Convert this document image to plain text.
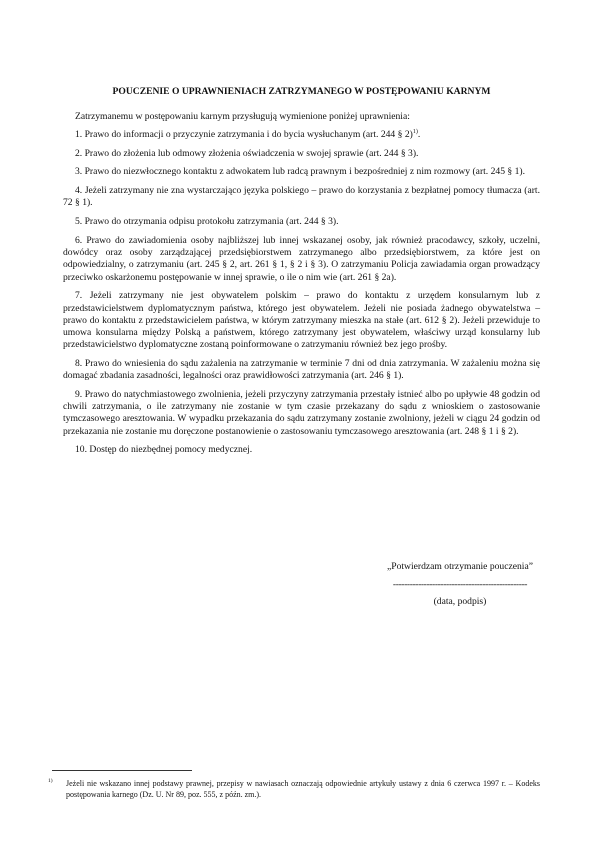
POUCZENIE O UPRAWNIENIACH ZATRZYMANEGO W POSTĘPOWANIU KARNYM

Zatrzymanemu w postępowaniu karnym przysługują wymienione poniżej uprawnienia:

1. Prawo do informacji o przyczynie zatrzymania i do bycia wysłuchanym (art. 244 § 2)$^{1)}$.

2. Prawo do złożenia lub odmowy złożenia oświadczenia w swojej sprawie (art. 244 § 3).

3. Prawo do niezwłocznego kontaktu z adwokatem lub radcą prawnym i bezpośredniej z nim rozmowy (art. 245 § 1).

4. Jeżeli zatrzymany nie zna wystarczająco języka polskiego – prawo do korzystania z bezpłatnej pomocy tłumacza (art. 72 § 1).

5. Prawo do otrzymania odpisu protokołu zatrzymania (art. 244 § 3).

6. Prawo do zawiadomienia osoby najbliższej lub innej wskazanej osoby, jak również pracodawcy, szkoły, uczelni, dowódcy oraz osoby zarządzającej przedsiębiorstwem zatrzymanego albo przedsiębiorstwem, za które jest on odpowiedzialny, o zatrzymaniu (art. 245 § 2, art. 261 § 1, § 2 i § 3). O zatrzymaniu Policja zawiadamia organ prowadzący przeciwko oskarżonemu postępowanie w innej sprawie, o ile o nim wie (art. 261 § 2a).

7. Jeżeli zatrzymany nie jest obywatelem polskim – prawo do kontaktu z urzędem konsularnym lub z przedstawicielstwem dyplomatycznym państwa, którego jest obywatelem. Jeżeli nie posiada żadnego obywatelstwa – prawo do kontaktu z przedstawicielem państwa, w którym zatrzymany mieszka na stałe (art. 612 § 2). Jeżeli przewiduje to umowa konsularna między Polską a państwem, którego zatrzymany jest obywatelem, właściwy urząd konsularny lub przedstawicielstwo dyplomatyczne zostaną poinformowane o zatrzymaniu również bez jego prośby.

8. Prawo do wniesienia do sądu zażalenia na zatrzymanie w terminie 7 dni od dnia zatrzymania. W zażaleniu można się domagać zbadania zasadności, legalności oraz prawidłowości zatrzymania (art. 246 § 1).

9. Prawo do natychmiastowego zwolnienia, jeżeli przyczyny zatrzymania przestały istnieć albo po upływie 48 godzin od chwili zatrzymania, o ile zatrzymany nie zostanie w tym czasie przekazany do sądu z wnioskiem o zastosowanie tymczasowego aresztowania. W wypadku przekazania do sądu zatrzymany zostanie zwolniony, jeżeli w ciągu 24 godzin od przekazania nie zostanie mu doręczone postanowienie o zastosowaniu tymczasowego aresztowania (art. 248 § 1 i § 2).

10. Dostęp do niezbędnej pomocy medycznej.

„Potwierdzam otrzymanie pouczenia”
------------------------------------------------
(data, podpis)
1) Jeżeli nie wskazano innej podstawy prawnej, przepisy w nawiasach oznaczają odpowiednie artykuły ustawy z dnia 6 czerwca 1997 r. – Kodeks postępowania karnego (Dz. U. Nr 89, poz. 555, z późn. zm.).
